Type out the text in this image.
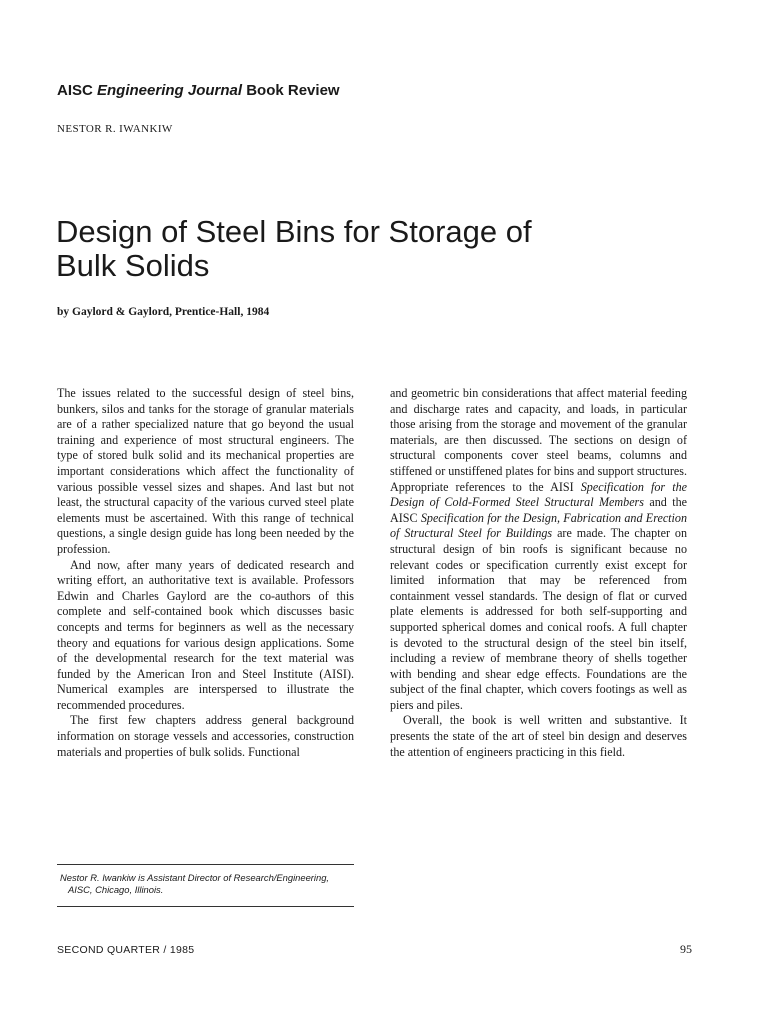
AISC Engineering Journal Book Review

NESTOR R. IWANKIW

Design of Steel Bins for Storage of Bulk Solids

by Gaylord & Gaylord, Prentice-Hall, 1984

The issues related to the successful design of steel bins, bunkers, silos and tanks for the storage of granular materials are of a rather specialized nature that go beyond the usual training and experience of most structural engineers. The type of stored bulk solid and its mechanical properties are important considerations which affect the functionality of various possible vessel sizes and shapes. And last but not least, the structural capacity of the various curved steel plate elements must be ascertained. With this range of technical questions, a single design guide has long been needed by the profession.

And now, after many years of dedicated research and writing effort, an authoritative text is available. Professors Edwin and Charles Gaylord are the co-authors of this complete and self-contained book which discusses basic concepts and terms for beginners as well as the necessary theory and equations for various design applications. Some of the developmental research for the text material was funded by the American Iron and Steel Institute (AISI). Numerical examples are interspersed to illustrate the recommended procedures.

The first few chapters address general background information on storage vessels and accessories, construction materials and properties of bulk solids. Functional

and geometric bin considerations that affect material feeding and discharge rates and capacity, and loads, in particular those arising from the storage and movement of the granular materials, are then discussed. The sections on design of structural components cover steel beams, columns and stiffened or unstiffened plates for bins and support structures. Appropriate references to the AISI Specification for the Design of Cold-Formed Steel Structural Members and the AISC Specification for the Design, Fabrication and Erection of Structural Steel for Buildings are made. The chapter on structural design of bin roofs is significant because no relevant codes or specification currently exist except for limited information that may be referenced from containment vessel standards. The design of flat or curved plate elements is addressed for both self-supporting and supported spherical domes and conical roofs. A full chapter is devoted to the structural design of the steel bin itself, including a review of membrane theory of shells together with bending and shear edge effects. Foundations are the subject of the final chapter, which covers footings as well as piers and piles.

Overall, the book is well written and substantive. It presents the state of the art of steel bin design and deserves the attention of engineers practicing in this field.

Nestor R. Iwankiw is Assistant Director of Research/Engineering,
AISC, Chicago, Illinois.

SECOND QUARTER / 1985	95
